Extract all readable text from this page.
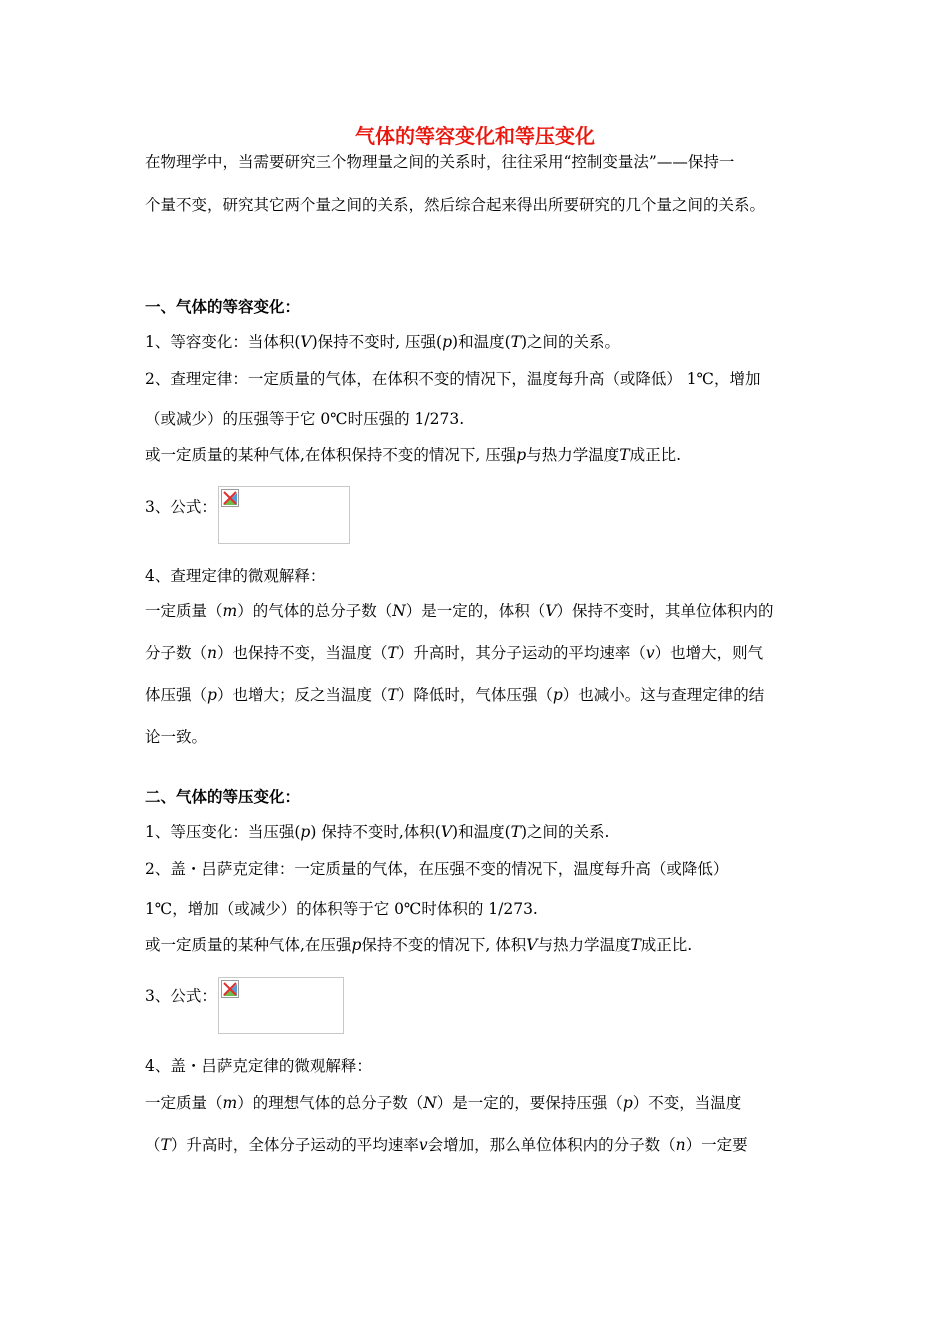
气体的等容变化和等压变化
在物理学中，当需要研究三个物理量之间的关系时，往往采用“控制变量法”——保持一
个量不变，研究其它两个量之间的关系，然后综合起来得出所要研究的几个量之间的关系。
一、气体的等容变化：
1、等容变化：当体积(V)保持不变时, 压强(p)和温度(T)之间的关系。
2、查理定律：一定质量的气体，在体积不变的情况下，温度每升高（或降低） 1℃，增加
（或减少）的压强等于它 0℃时压强的 1/273.
或一定质量的某种气体,在体积保持不变的情况下, 压强p与热力学温度T成正比.
3、公式：
4、查理定律的微观解释：
一定质量（m）的气体的总分子数（N）是一定的，体积（V）保持不变时，其单位体积内的
分子数（n）也保持不变，当温度（T）升高时，其分子运动的平均速率（v）也增大，则气
体压强（p）也增大；反之当温度（T）降低时，气体压强（p）也减小。这与查理定律的结
论一致。
二、气体的等压变化：
1、等压变化：当压强(p) 保持不变时,体积(V)和温度(T)之间的关系.
2、盖・吕萨克定律：一定质量的气体，在压强不变的情况下，温度每升高（或降低）
1℃，增加（或减少）的体积等于它 0℃时体积的 1/273.
或一定质量的某种气体,在压强p保持不变的情况下, 体积V与热力学温度T成正比.
3、公式：
4、盖・吕萨克定律的微观解释：
一定质量（m）的理想气体的总分子数（N）是一定的，要保持压强（p）不变，当温度
（T）升高时，全体分子运动的平均速率v会增加，那么单位体积内的分子数（n）一定要
